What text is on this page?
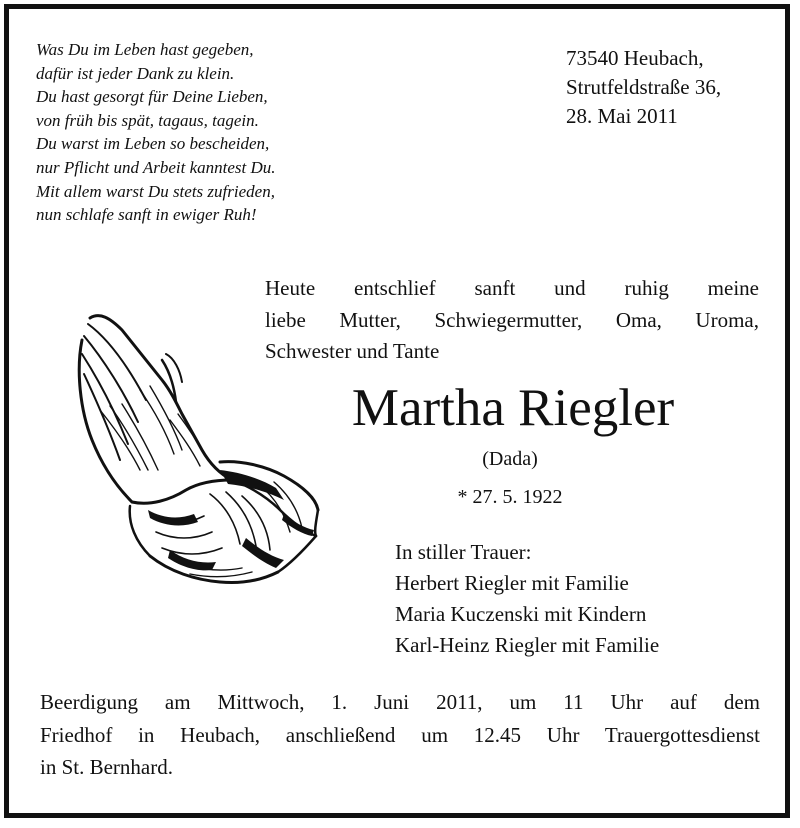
Was Du im Leben hast gegeben,
dafür ist jeder Dank zu klein.
Du hast gesorgt für Deine Lieben,
von früh bis spät, tagaus, tagein.
Du warst im Leben so bescheiden,
nur Pflicht und Arbeit kanntest Du.
Mit allem warst Du stets zufrieden,
nun schlafe sanft in ewiger Ruh!
73540 Heubach,
Strutfeldstraße 36,
28. Mai 2011
Heute entschlief sanft und ruhig meine
liebe Mutter, Schwiegermutter, Oma, Uroma,
Schwester und Tante
Martha Riegler
(Dada)
* 27. 5. 1922
In stiller Trauer:
Herbert Riegler mit Familie
Maria Kuczenski mit Kindern
Karl-Heinz Riegler mit Familie
Beerdigung am Mittwoch, 1. Juni 2011, um 11 Uhr auf dem
Friedhof in Heubach, anschließend um 12.45 Uhr Trauergottesdienst
in St. Bernhard.
